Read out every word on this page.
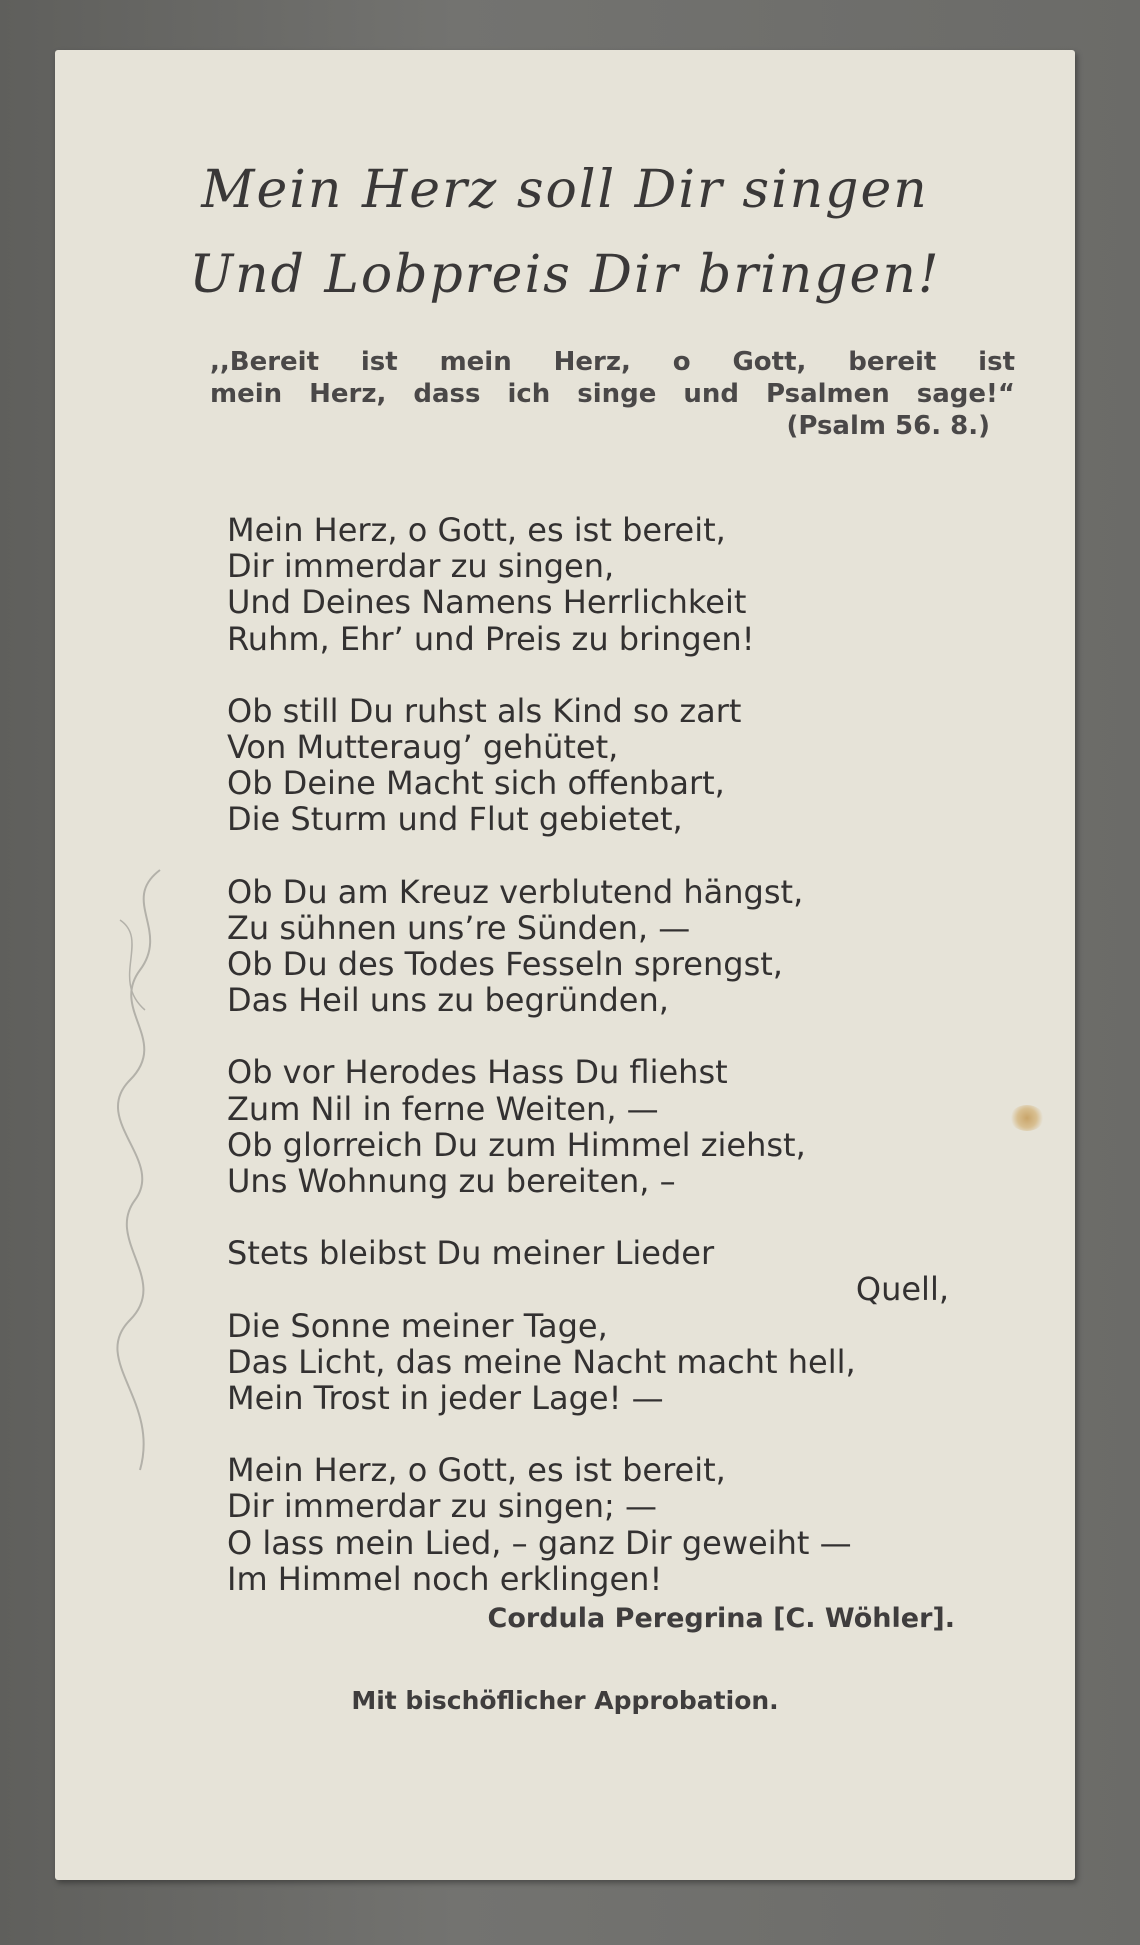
Mein Herz soll Dir singen
Und Lobpreis Dir bringen!
,,Bereit ist mein Herz, o Gott, bereit ist
mein Herz, dass ich singe und Psalmen sage!“
(Psalm 56. 8.)
Mein Herz, o Gott, es ist bereit,
Dir immerdar zu singen,
Und Deines Namens Herrlichkeit
Ruhm, Ehr’ und Preis zu bringen!
Ob still Du ruhst als Kind so zart
Von Mutteraug’ gehütet,
Ob Deine Macht sich offenbart,
Die Sturm und Flut gebietet,
Ob Du am Kreuz verblutend hängst,
Zu sühnen uns’re Sünden, —
Ob Du des Todes Fesseln sprengst,
Das Heil uns zu begründen,
Ob vor Herodes Hass Du fliehst
Zum Nil in ferne Weiten, —
Ob glorreich Du zum Himmel ziehst,
Uns Wohnung zu bereiten, –
Stets bleibst Du meiner Lieder
Quell,
Die Sonne meiner Tage,
Das Licht, das meine Nacht macht hell,
Mein Trost in jeder Lage! —
Mein Herz, o Gott, es ist bereit,
Dir immerdar zu singen; —
O lass mein Lied, – ganz Dir geweiht —
Im Himmel noch erklingen!
Cordula Peregrina [C. Wöhler].
Mit bischöflicher Approbation.
